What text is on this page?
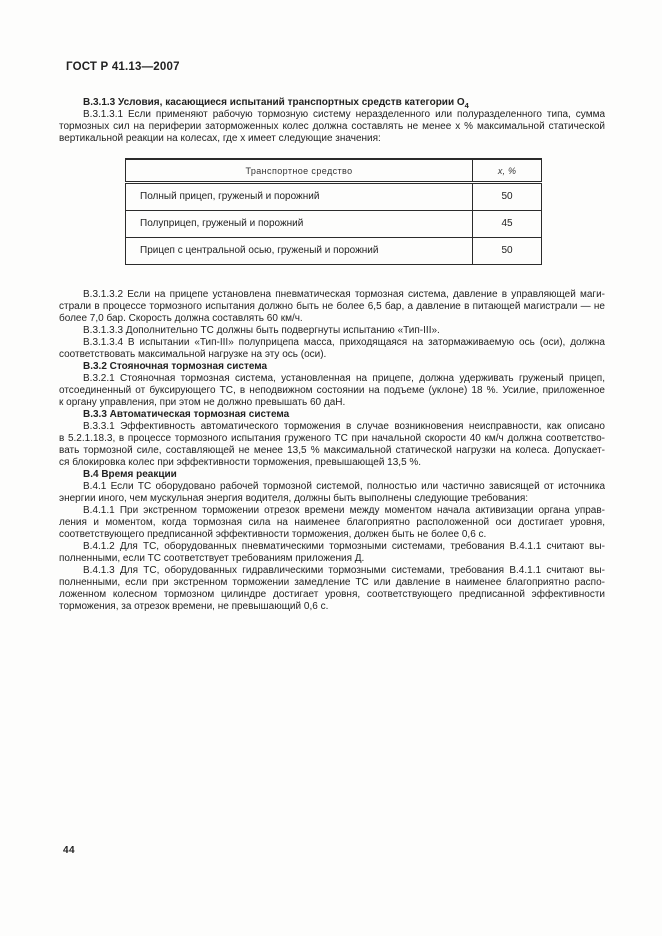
ГОСТ Р 41.13—2007
В.3.1.3 Условия, касающиеся испытаний транспортных средств категории $O_4$
В.3.1.3.1 Если применяют рабочую тормозную систему неразделенного или полуразделенного типа, сумма
тормозных сил на периферии заторможенных колес должна составлять не менее x % максимальной статической
вертикальной реакции на колесах, где x имеет следующие значения:
Транспортное средство	x, %
Полный прицеп, груженый и порожний	50
Полуприцеп, груженый и порожний	45
Прицеп с центральной осью, груженый и порожний	50
В.3.1.3.2 Если на прицепе установлена пневматическая тормозная система, давление в управляющей маги-
страли в процессе тормозного испытания должно быть не более 6,5 бар, а давление в питающей магистрали — не
более 7,0 бар. Скорость должна составлять 60 км/ч.
В.3.1.3.3 Дополнительно ТС должны быть подвергнуты испытанию «Тип-III».
В.3.1.3.4 В испытании «Тип-III» полуприцепа масса, приходящаяся на затормаживаемую ось (оси), должна
соответствовать максимальной нагрузке на эту ось (оси).
В.3.2 Стояночная тормозная система
В.3.2.1 Стояночная тормозная система, установленная на прицепе, должна удерживать груженый прицеп,
отсоединенный от буксирующего ТС, в неподвижном состоянии на подъеме (уклоне) 18 %. Усилие, приложенное
к органу управления, при этом не должно превышать 60 даН.
В.3.3 Автоматическая тормозная система
В.3.3.1 Эффективность автоматического торможения в случае возникновения неисправности, как описано
в 5.2.1.18.3, в процессе тормозного испытания груженого ТС при начальной скорости 40 км/ч должна соответство-
вать тормозной силе, составляющей не менее 13,5 % максимальной статической нагрузки на колеса. Допускает-
ся блокировка колес при эффективности торможения, превышающей 13,5 %.
В.4 Время реакции
В.4.1 Если ТС оборудовано рабочей тормозной системой, полностью или частично зависящей от источника
энергии иного, чем мускульная энергия водителя, должны быть выполнены следующие требования:
В.4.1.1 При экстренном торможении отрезок времени между моментом начала активизации органа управ-
ления и моментом, когда тормозная сила на наименее благоприятно расположенной оси достигает уровня,
соответствующего предписанной эффективности торможения, должен быть не более 0,6 с.
В.4.1.2 Для ТС, оборудованных пневматическими тормозными системами, требования В.4.1.1 считают вы-
полненными, если ТС соответствует требованиям приложения Д.
В.4.1.3 Для ТС, оборудованных гидравлическими тормозными системами, требования В.4.1.1 считают вы-
полненными, если при экстренном торможении замедление ТС или давление в наименее благоприятно распо-
ложенном колесном тормозном цилиндре достигает уровня, соответствующего предписанной эффективности
торможения, за отрезок времени, не превышающий 0,6 с.
44
